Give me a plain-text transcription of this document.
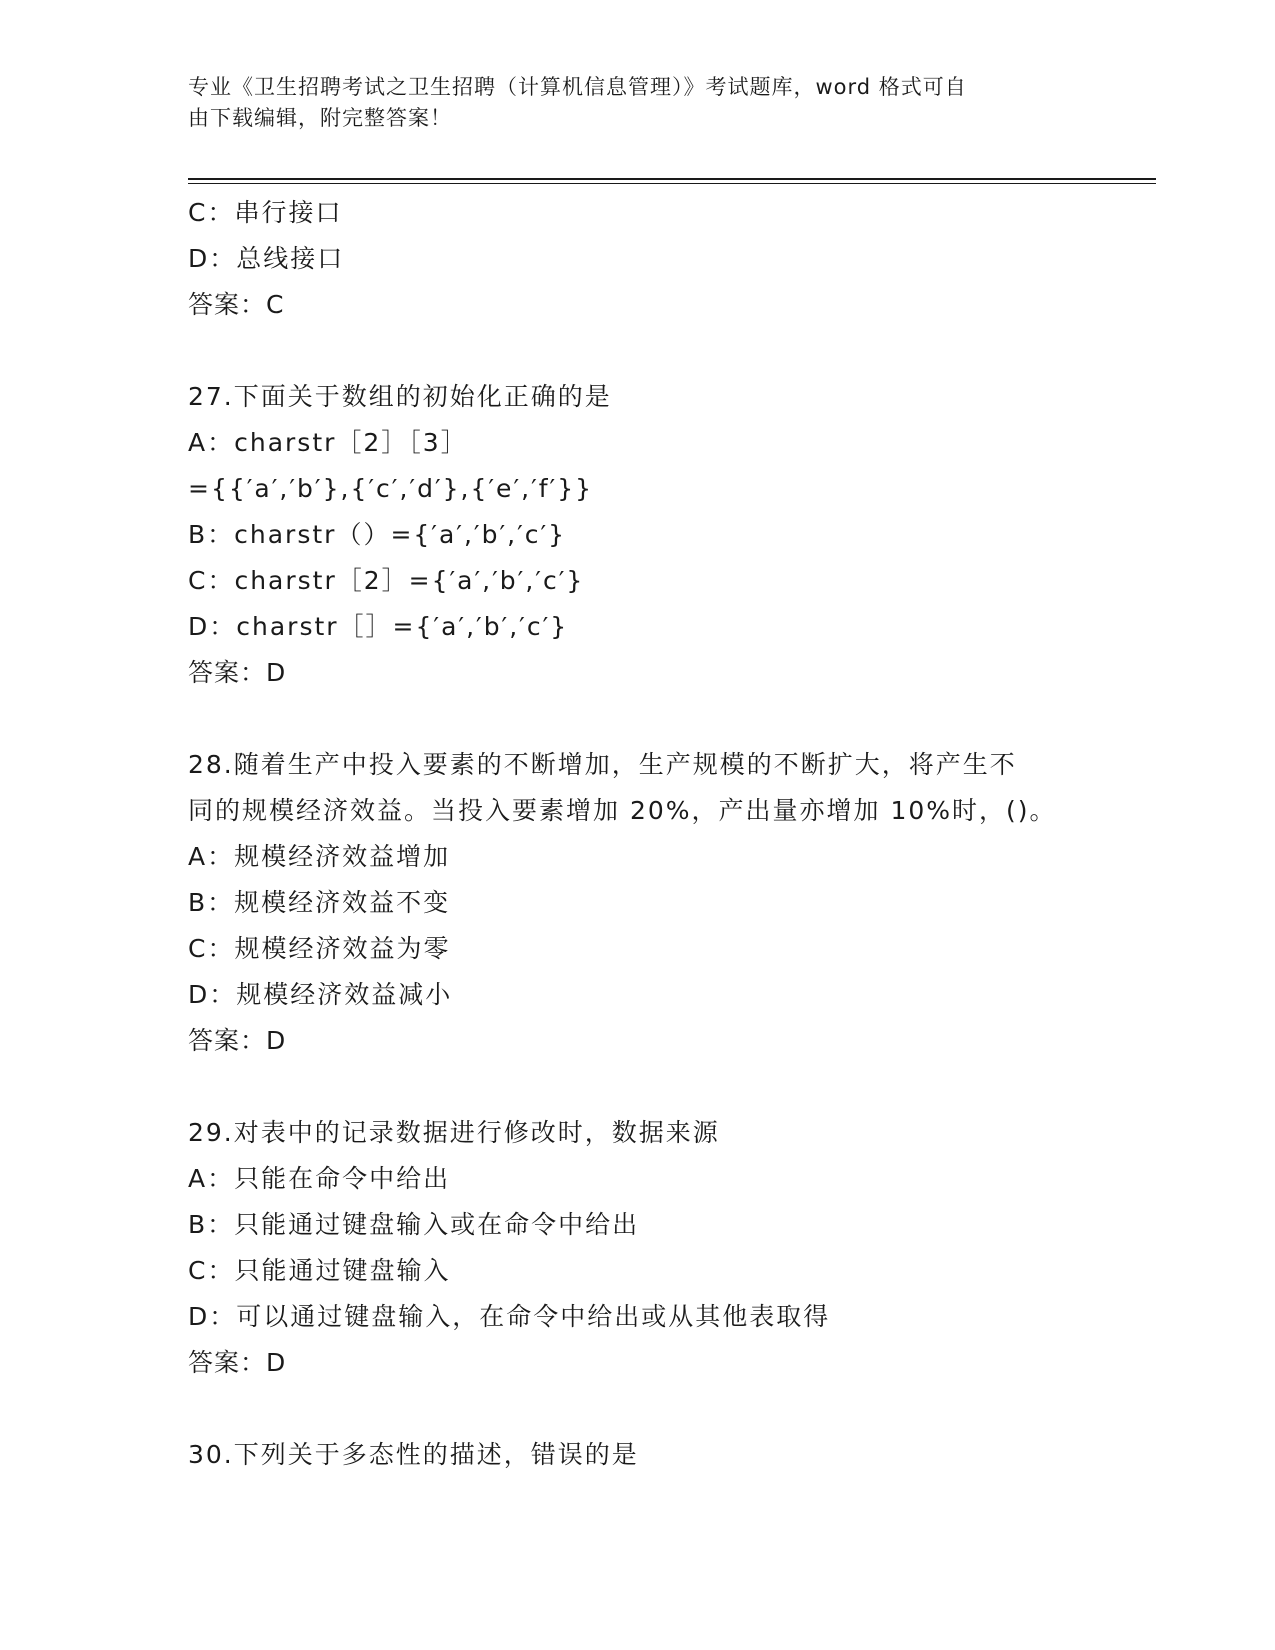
专业《卫生招聘考试之卫生招聘（计算机信息管理）》考试题库，word 格式可自
由下载编辑，附完整答案！
C：串行接口
D：总线接口
答案：C
27.下面关于数组的初始化正确的是
A：charstr［2］［3］
={{′a′,′b′},{′c′,′d′},{′e′,′f′}}
B：charstr（）={′a′,′b′,′c′}
C：charstr［2］={′a′,′b′,′c′}
D：charstr［］={′a′,′b′,′c′}
答案：D
28.随着生产中投入要素的不断增加，生产规模的不断扩大，将产生不
同的规模经济效益。当投入要素增加 20%，产出量亦增加 10%时，()。
A：规模经济效益增加
B：规模经济效益不变
C：规模经济效益为零
D：规模经济效益减小
答案：D
29.对表中的记录数据进行修改时，数据来源
A：只能在命令中给出
B：只能通过键盘输入或在命令中给出
C：只能通过键盘输入
D：可以通过键盘输入，在命令中给出或从其他表取得
答案：D
30.下列关于多态性的描述，错误的是
